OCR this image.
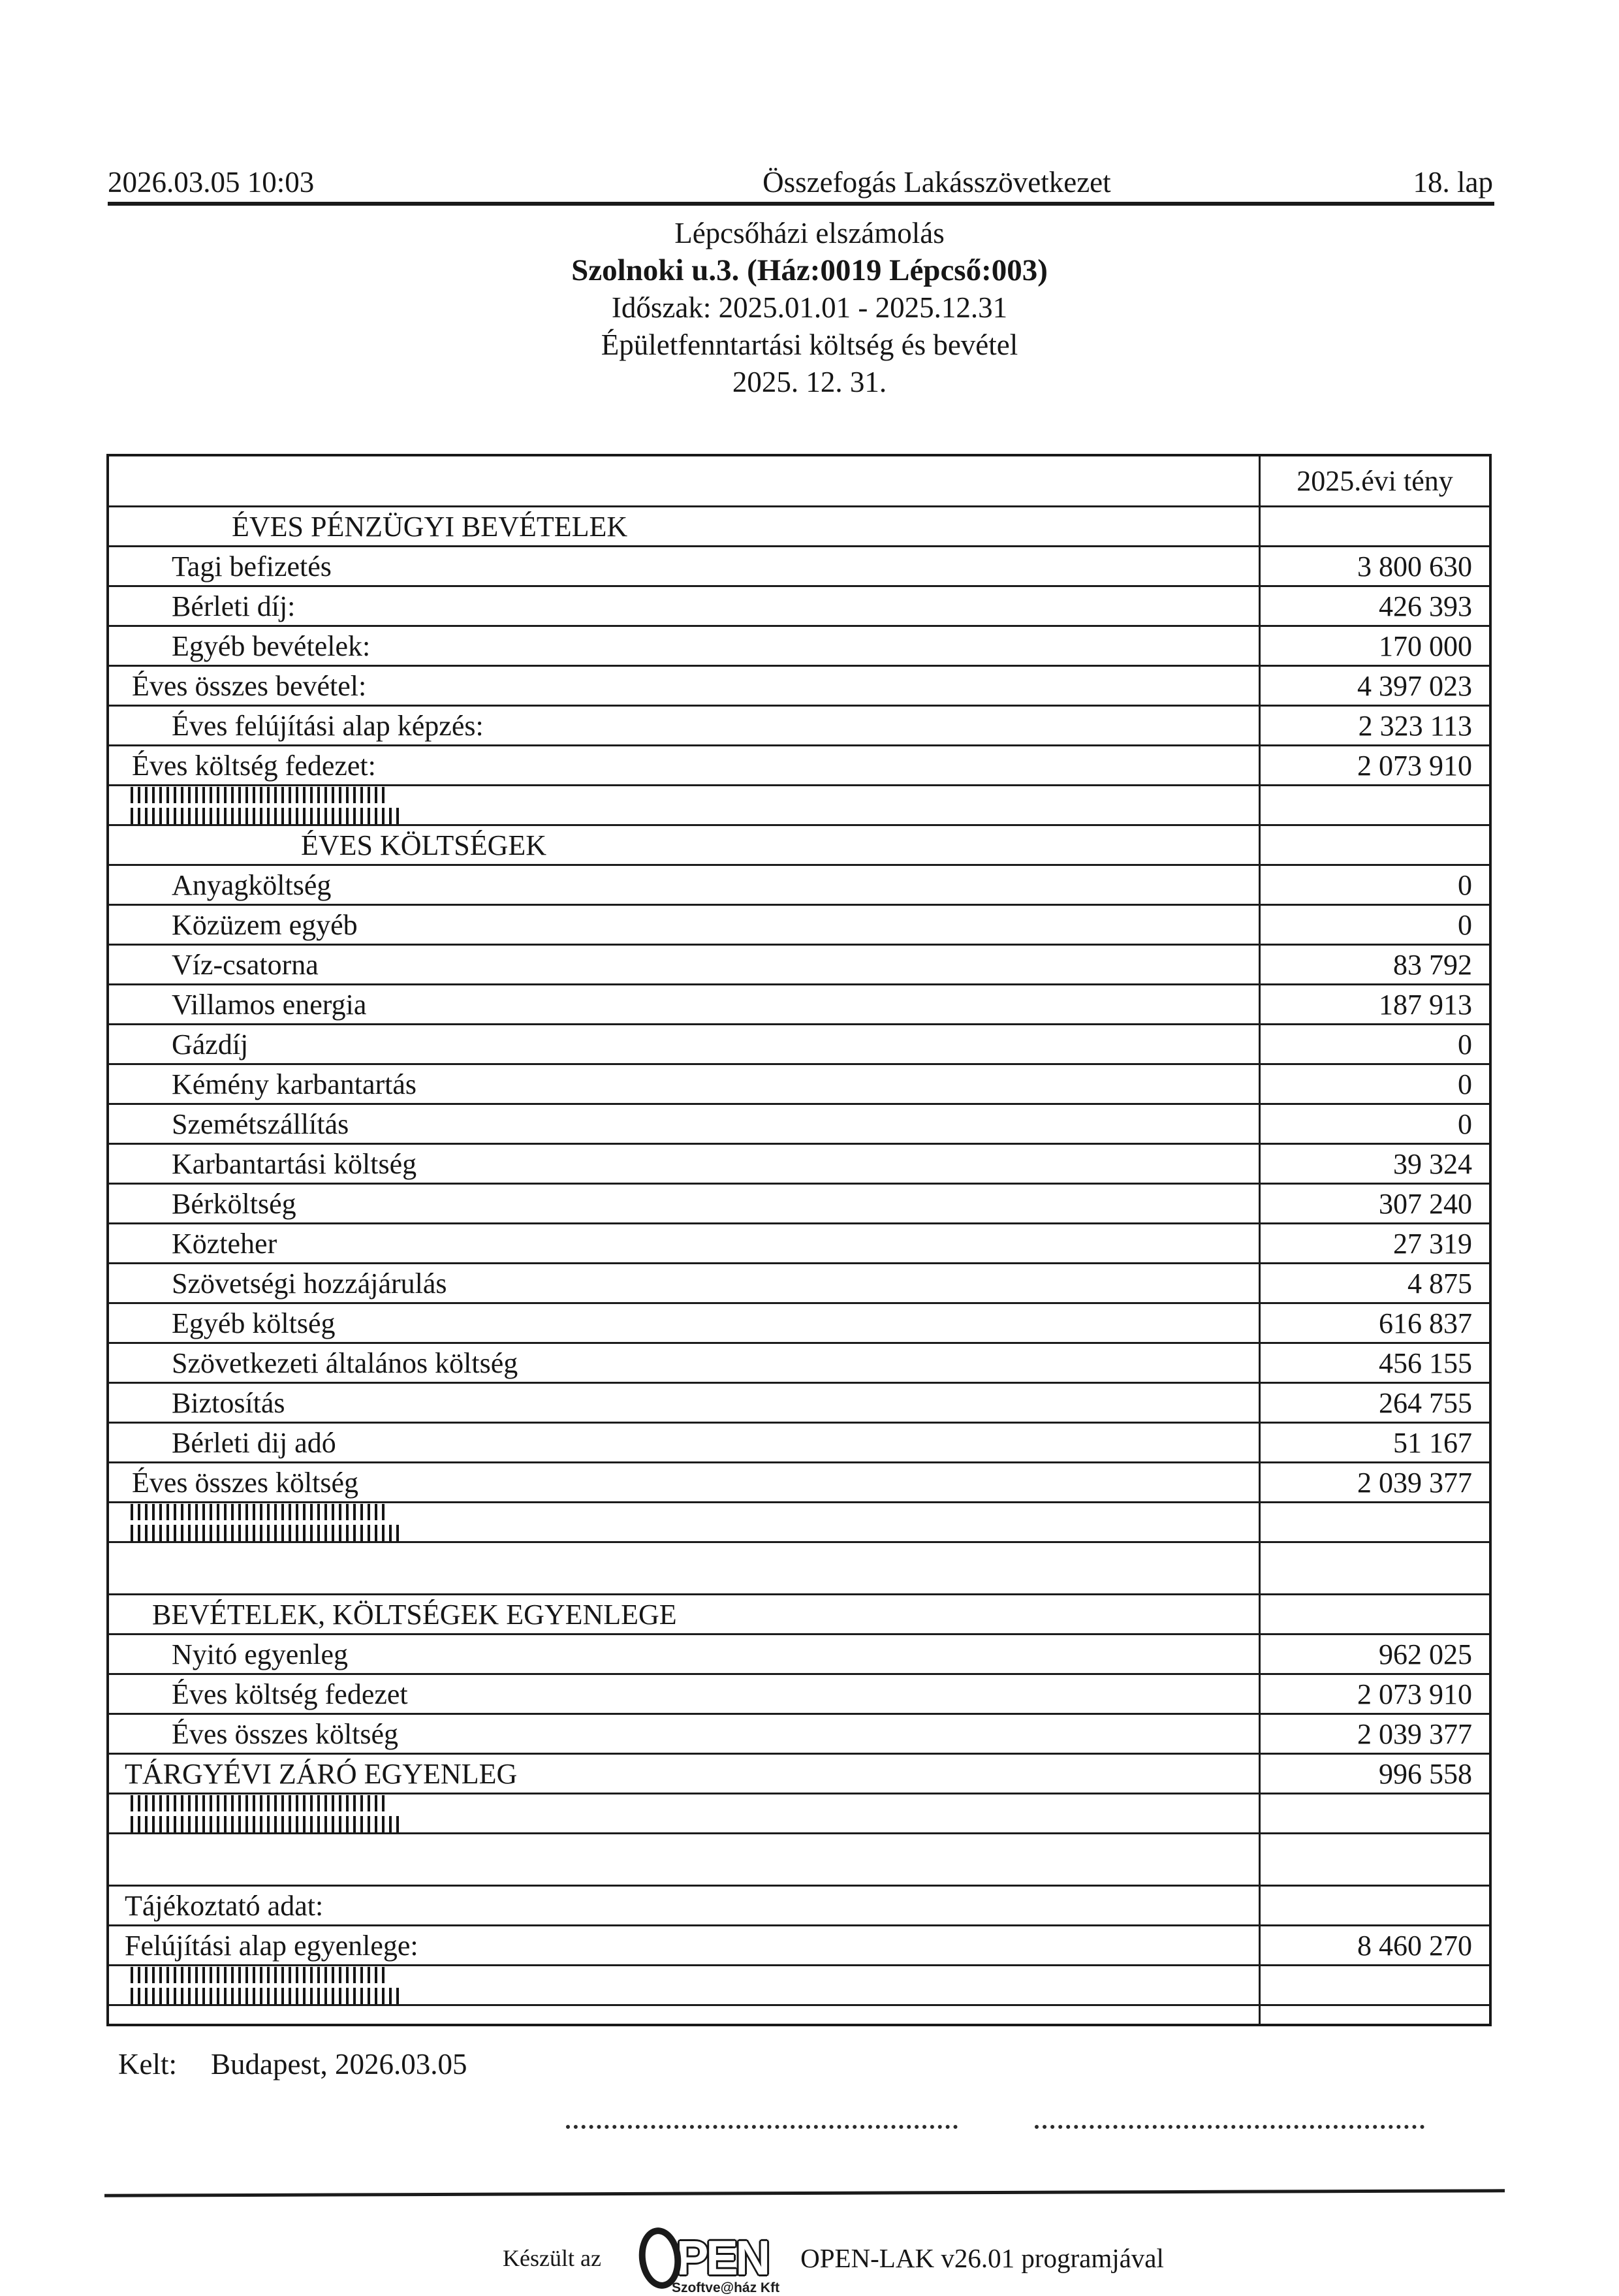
2026.03.05 10:03	Összefogás Lakásszövetkezet	18. lap
Lépcsőházi elszámolás
Szolnoki u.3. (Ház:0019 Lépcső:003)
Időszak: 2025.01.01 - 2025.12.31
Épületfenntartási költség és bevétel
2025. 12. 31.
2025.évi tény
ÉVES PÉNZÜGYI BEVÉTELEK
Tagi befizetés	3 800 630
Bérleti díj:	426 393
Egyéb bevételek:	170 000
Éves összes bevétel:	4 397 023
Éves felújítási alap képzés:	2 323 113
Éves költség fedezet:	2 073 910
ÉVES KÖLTSÉGEK
Anyagköltség	0
Közüzem egyéb	0
Víz-csatorna	83 792
Villamos energia	187 913
Gázdíj	0
Kémény karbantartás	0
Szemétszállítás	0
Karbantartási költség	39 324
Bérköltség	307 240
Közteher	27 319
Szövetségi hozzájárulás	4 875
Egyéb költség	616 837
Szövetkezeti általános költség	456 155
Biztosítás	264 755
Bérleti dij adó	51 167
Éves összes költség	2 039 377
BEVÉTELEK, KÖLTSÉGEK EGYENLEGE
Nyitó egyenleg	962 025
Éves költség fedezet	2 073 910
Éves összes költség	2 039 377
TÁRGYÉVI ZÁRÓ EGYENLEG	996 558
Tájékoztató adat:
Felújítási alap egyenlege:	8 460 270
Kelt: Budapest, 2026.03.05
Készült az PEN
Szoftve@ház Kft
OPEN-LAK v26.01 programjával
